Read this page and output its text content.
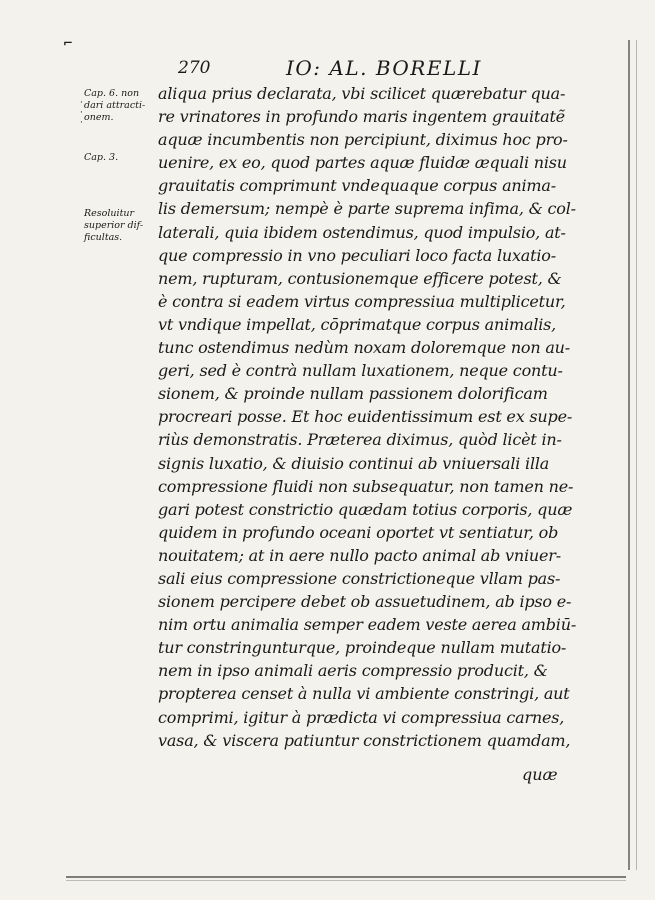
⌐
270	IO: AL. BORELLI
Cap. 6. non
dari attracti-
onem.
Cap. 3.
Resoluitur
superior dif-
ficultas.
·
·
·
aliqua prius declarata, vbi scilicet quærebatur qua-
re vrinatores in profundo maris ingentem grauitatẽ
aquæ incumbentis non percipiunt, diximus hoc pro-
uenire, ex eo, quod partes aquæ fluidæ æquali nisu
grauitatis comprimunt vndequaque corpus anima-
lis demersum; nempè è parte suprema infima, & col-
laterali, quia ibidem ostendimus, quod impulsio, at-
que compressio in vno peculiari loco facta luxatio-
nem, rupturam, contusionemque efficere potest, &
è contra si eadem virtus compressiua multiplicetur,
vt vndique impellat, cōprimatque corpus animalis,
tunc ostendimus nedùm noxam doloremque non au-
geri, sed è contrà nullam luxationem, neque contu-
sionem, & proinde nullam passionem dolorificam
procreari posse. Et hoc euidentissimum est ex supe-
riùs demonstratis. Præterea diximus, quòd licèt in-
signis luxatio, & diuisio continui ab vniuersali illa
compressione fluidi non subsequatur, non tamen ne-
gari potest constrictio quædam totius corporis, quæ
quidem in profundo oceani oportet vt sentiatur, ob
nouitatem; at in aere nullo pacto animal ab vniuer-
sali eius compressione constrictioneque vllam pas-
sionem percipere debet ob assuetudinem, ab ipso e-
nim ortu animalia semper eadem veste aerea ambiū-
tur constringunturque, proindeque nullam mutatio-
nem in ipso animali aeris compressio producit, &
propterea censet à nulla vi ambiente constringi, aut
comprimi, igitur à prædicta vi compressiua carnes,
vasa, & viscera patiuntur constrictionem quamdam,
quæ
